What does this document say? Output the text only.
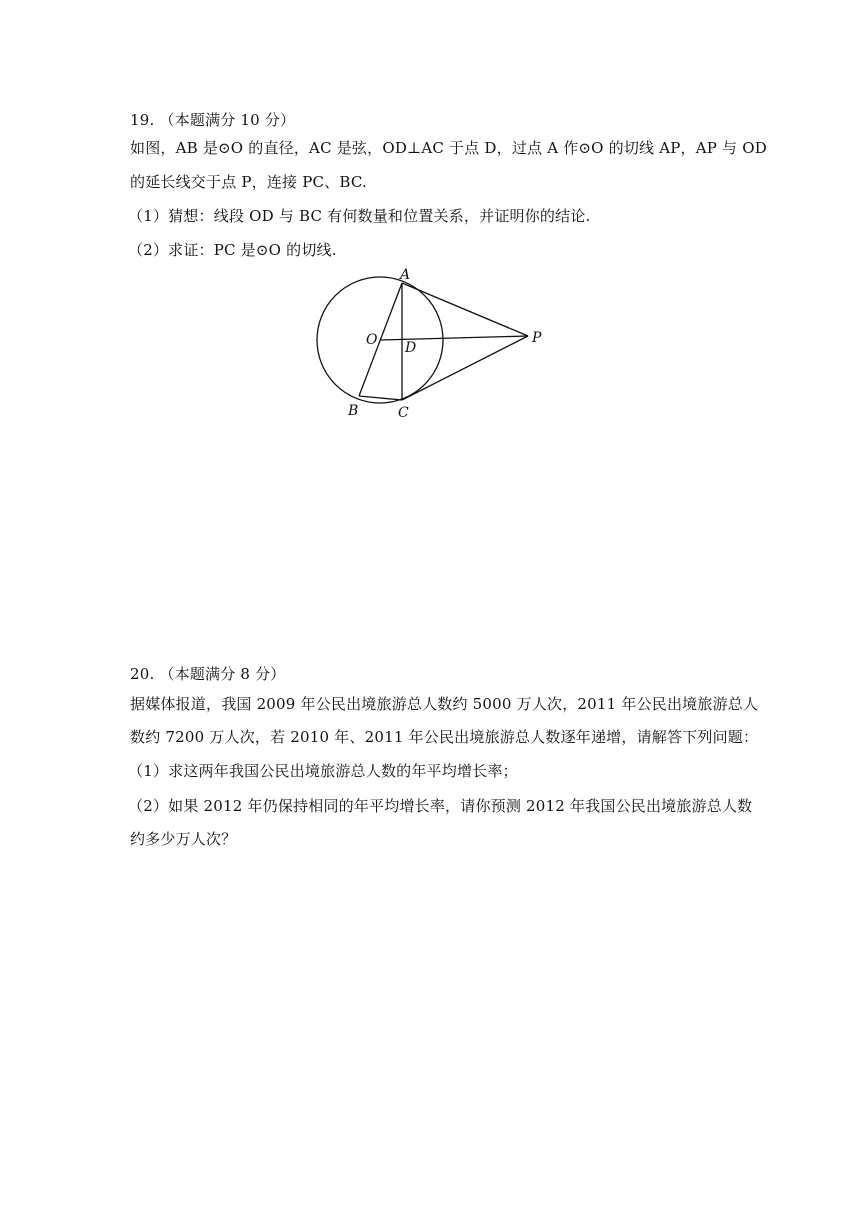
19. （本题满分 10 分）
如图，AB 是⊙O 的直径，AC 是弦，OD⊥AC 于点 D，过点 A 作⊙O 的切线 AP，AP 与 OD
的延长线交于点 P，连接 PC、BC.
（1）猜想：线段 OD 与 BC 有何数量和位置关系，并证明你的结论.
（2）求证：PC 是⊙O 的切线.
A
O D
P
B	C
20. （本题满分 8 分）
据媒体报道，我国 2009 年公民出境旅游总人数约 5000 万人次，2011 年公民出境旅游总人
数约 7200 万人次，若 2010 年、2011 年公民出境旅游总人数逐年递增，请解答下列问题：
（1）求这两年我国公民出境旅游总人数的年平均增长率；
（2）如果 2012 年仍保持相同的年平均增长率，请你预测 2012 年我国公民出境旅游总人数
约多少万人次？
